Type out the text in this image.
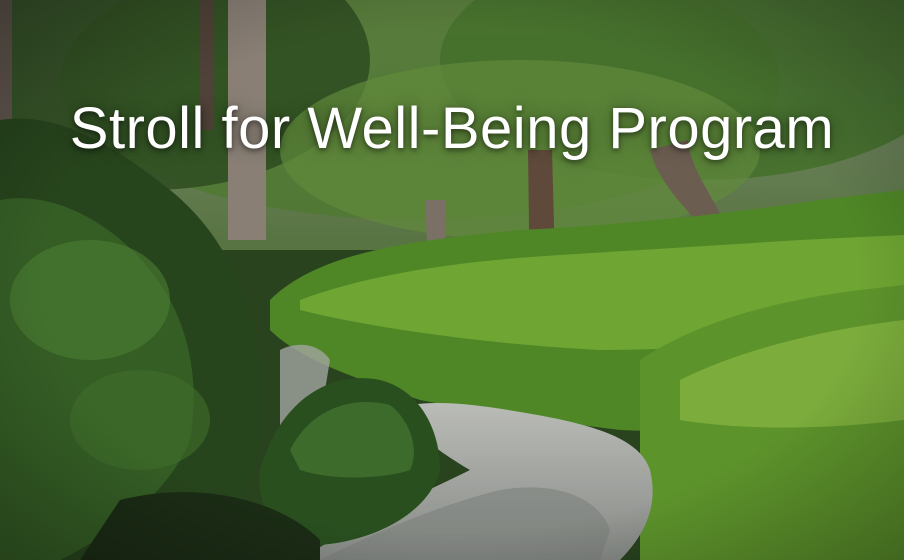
Stroll for Well-Being Program
